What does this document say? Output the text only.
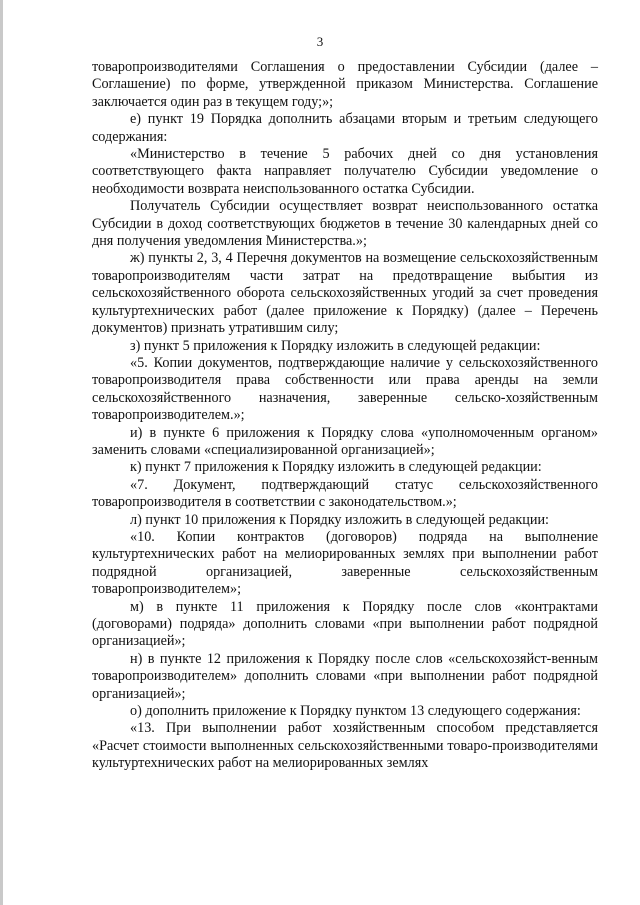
3

товаропроизводителями Соглашения о предоставлении Субсидии (далее – Соглашение) по форме, утвержденной приказом Министерства. Соглашение заключается один раз в текущем году;»;

е) пункт 19 Порядка дополнить абзацами вторым и третьим следующего содержания:

«Министерство в течение 5 рабочих дней со дня установления соответствующего факта направляет получателю Субсидии уведомление о необходимости возврата неиспользованного остатка Субсидии.

Получатель Субсидии осуществляет возврат неиспользованного остатка Субсидии в доход соответствующих бюджетов в течение 30 календарных дней со дня получения уведомления Министерства.»;

ж) пункты 2, 3, 4 Перечня документов на возмещение сельскохозяйственным товаропроизводителям части затрат на предотвращение выбытия из сельскохозяйственного оборота сельскохозяйственных угодий за счет проведения культуртехнических работ (далее приложение к Порядку) (далее – Перечень документов) признать утратившим силу;

з) пункт 5 приложения к Порядку изложить в следующей редакции:

«5. Копии документов, подтверждающие наличие у сельскохозяйственного товаропроизводителя права собственности или права аренды на земли сельскохозяйственного назначения, заверенные сельско-хозяйственным товаропроизводителем.»;

и) в пункте 6 приложения к Порядку слова «уполномоченным органом» заменить словами «специализированной организацией»;

к) пункт 7 приложения к Порядку изложить в следующей редакции:

«7. Документ, подтверждающий статус сельскохозяйственного товаропроизводителя в соответствии с законодательством.»;

л) пункт 10 приложения к Порядку изложить в следующей редакции:

«10. Копии контрактов (договоров) подряда на выполнение культуртехнических работ на мелиорированных землях при выполнении работ подрядной организацией, заверенные сельскохозяйственным товаропроизводителем»;

м) в пункте 11 приложения к Порядку после слов «контрактами (договорами) подряда» дополнить словами «при выполнении работ подрядной организацией»;

н) в пункте 12 приложения к Порядку после слов «сельскохозяйст-венным товаропроизводителем» дополнить словами «при выполнении работ подрядной организацией»;

о) дополнить приложение к Порядку пунктом 13 следующего содержания:

«13. При выполнении работ хозяйственным способом представляется «Расчет стоимости выполненных сельскохозяйственными товаро-производителями культуртехнических работ на мелиорированных землях
